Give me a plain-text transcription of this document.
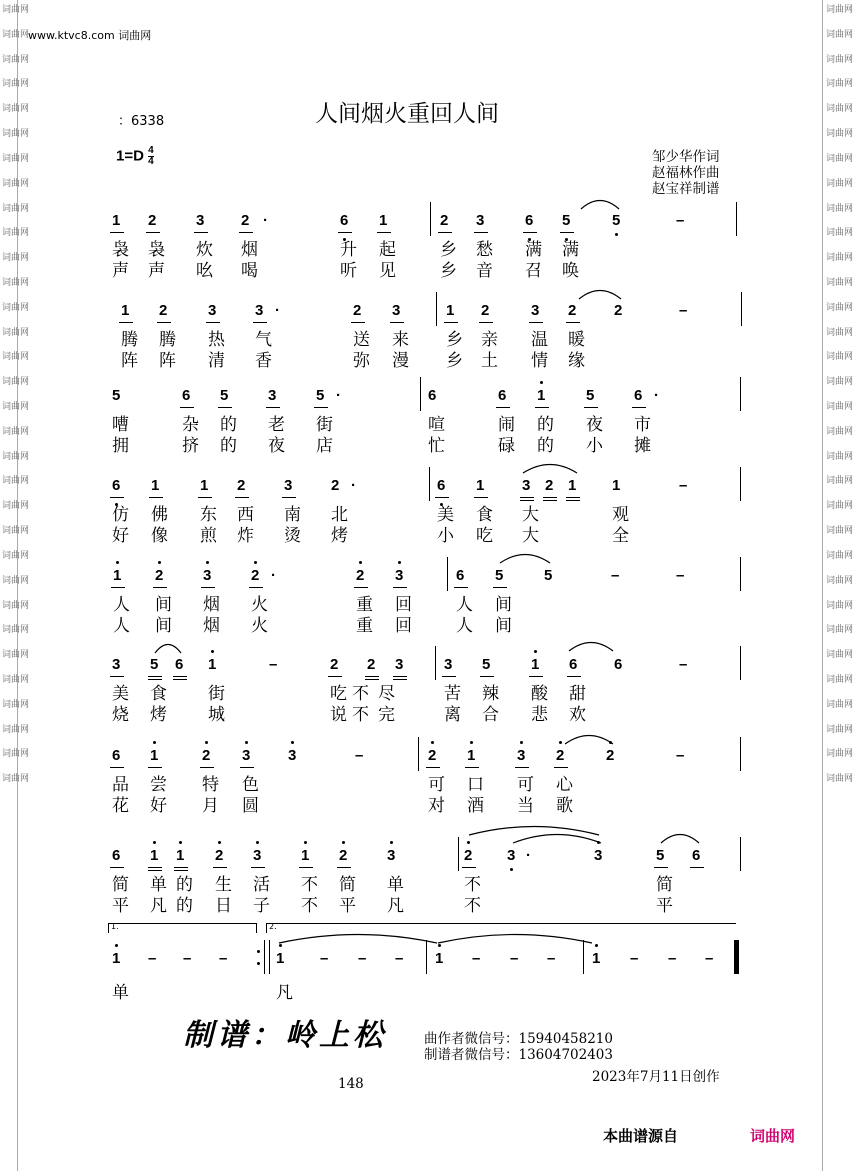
词曲网

词曲网

词曲网

词曲网

词曲网

词曲网

词曲网

词曲网

词曲网

词曲网

词曲网

词曲网

词曲网

词曲网

词曲网

词曲网

词曲网

词曲网

词曲网

词曲网

词曲网

词曲网

词曲网

词曲网

词曲网

词曲网

词曲网

词曲网

词曲网

词曲网

词曲网

词曲网

词曲网

词曲网

词曲网

词曲网

词曲网

词曲网

词曲网

词曲网

词曲网

词曲网

词曲网

词曲网

词曲网

词曲网

词曲网

词曲网

词曲网

词曲网

词曲网

词曲网

词曲网

词曲网

词曲网

词曲网

词曲网

词曲网

词曲网

词曲网

词曲网

词曲网

词曲网

词曲网

www.ktvc8.com 词曲网
：6338	人间烟火重回人间
$1=D \frac{4}{4}$	邹少华作词
赵福林作曲
赵宝祥制谱
1 2	3 2 ·	6 1	2 3	6 5	5	–
袅 袅 炊 烟	升 起	乡 愁 满 满
声 声 吆 喝	听 见	乡 音 召 唤
1 2	3	3 ·	2 3	1 2	3 2	2	–
腾 腾 热 气	送 来 乡 亲 温 暖
阵 阵 清 香	弥 漫 乡 土 情 缘
5	6 5	3	5 ·	6	6 1	5	6 ·
嘈	杂 的 老 街	喧	闹 的 夜 市
拥	挤 的 夜 店	忙	碌 的 小 摊
6 1	1 2	3	2 ·	6 1	3 2 1 1	–
仿 佛 东 西 南 北	美 食 大	观
好 像 煎 炸 烫 烤	小 吃 大	全
1 2	3	2 ·	2 3	6 5	5	–	–
人 间 烟 火	重 回	人 间
人 间 烟 火	重 回	人 间
3 5 6 1	–	2 2 3	3 5	1 6 6	–
美 食 街	吃 不 尽	苦 辣 酸 甜
烧 烤 城	说 不 完	离 合 悲 欢
6 1	2 3	3	–	2 1	3 2	2	–
品 尝 特 色	可 口 可 心
花 好 月 圆	对 酒 当 歌
6 1 1 2 3	1 2	3	2 3 ·	3	5 6
简 单 的 生 活 不 简 单	不	简
平 凡 的 日 子 不 平 凡	不	平
1 – – –	1 – – – 1 – – – 1 – – –
单	凡
1.	2.
制谱：岭上松	曲作者微信号：15940458210
制谱者微信号：13604702403
2023年7月11日创作
148
本曲谱源自	词曲网
